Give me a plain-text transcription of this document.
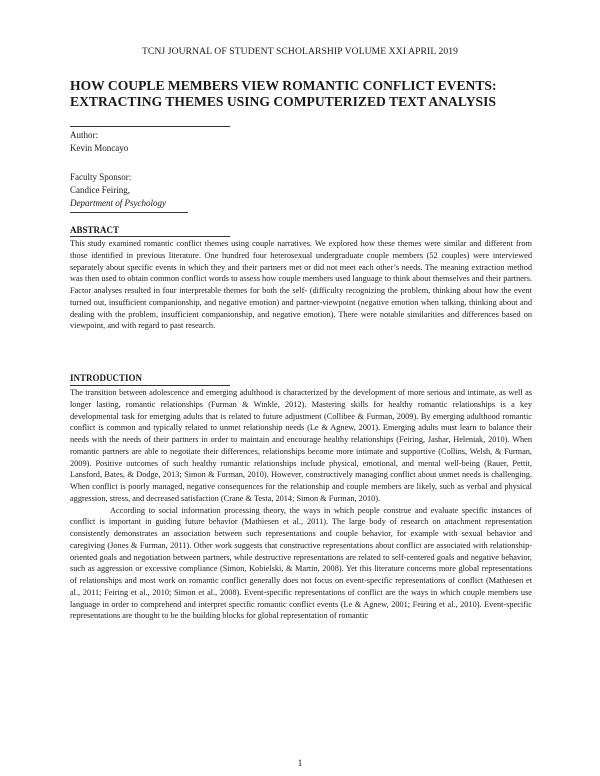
TCNJ JOURNAL OF STUDENT SCHOLARSHIP VOLUME XXI APRIL 2019
HOW COUPLE MEMBERS VIEW ROMANTIC CONFLICT EVENTS:
EXTRACTING THEMES USING COMPUTERIZED TEXT ANALYSIS
Author:
Kevin Moncayo
Faculty Sponsor:
Candice Feiring,
Department of Psychology
ABSTRACT

This study examined romantic conflict themes using couple narratives. We explored how these themes were similar and different from those identified in previous literature. One hundred four heterosexual undergraduate couple members (52 couples) were interviewed separately about specific events in which they and their partners met or did not meet each other’s needs. The meaning extraction method was then used to obtain common conflict words to assess how couple members used language to think about themselves and their partners. Factor analyses resulted in four interpretable themes for both the self- (difficulty recognizing the problem, thinking about how the event turned out, insufficient companionship, and negative emotion) and partner-viewpoint (negative emotion when talking, thinking about and dealing with the problem, insufficient companionship, and negative emotion). There were notable similarities and differences based on viewpoint, and with regard to past research.

INTRODUCTION

The transition between adolescence and emerging adulthood is characterized by the development of more serious and intimate, as well as longer lasting, romantic relationships (Furman & Winkle, 2012). Mastering skills for healthy romantic relationships is a key developmental task for emerging adults that is related to future adjustment (Collibee & Furman, 2009). By emerging adulthood romantic conflict is common and typically related to unmet relationship needs (Le & Agnew, 2001). Emerging adults must learn to balance their needs with the needs of their partners in order to maintain and encourage healthy relationships (Feiring, Jashar, Heleniak, 2010). When romantic partners are able to negotiate their differences, relationships become more intimate and supportive (Collins, Welsh, & Furman, 2009). Positive outcomes of such healthy romantic relationships include physical, emotional, and mental well-being (Rauer, Pettit, Lansford, Bates, & Dodge, 2013; Simon & Furman, 2010). However, constructively managing conflict about unmet needs is challenging. When conflict is poorly managed, negative consequences for the relationship and couple members are likely, such as verbal and physical aggression, stress, and decreased satisfaction (Crane & Testa, 2014; Simon & Furman, 2010).

According to social information processing theory, the ways in which people construe and evaluate specific instances of conflict is important in guiding future behavior (Mathiesen et al., 2011). The large body of research on attachment representation consistently demonstrates an association between such representations and couple behavior, for example with sexual behavior and caregiving (Jones & Furman, 2011). Other work suggests that constructive representations about conflict are associated with relationship-oriented goals and negotiation between partners, while destructive representations are related to self-centered goals and negative behavior, such as aggression or excessive compliance (Simon, Kobielski, & Martin, 2008). Yet this literature concerns more global representations of relationships and most work on romantic conflict generally does not focus on event-specific representations of conflict (Mathiesen et al., 2011; Feiring et al., 2010; Simon et al., 2008). Event-specific representations of conflict are the ways in which couple members use language in order to comprehend and interpret specific romantic conflict events (Le & Agnew, 2001; Feiring et al., 2010). Event-specific representations are thought to be the building blocks for global representation of romantic

1
